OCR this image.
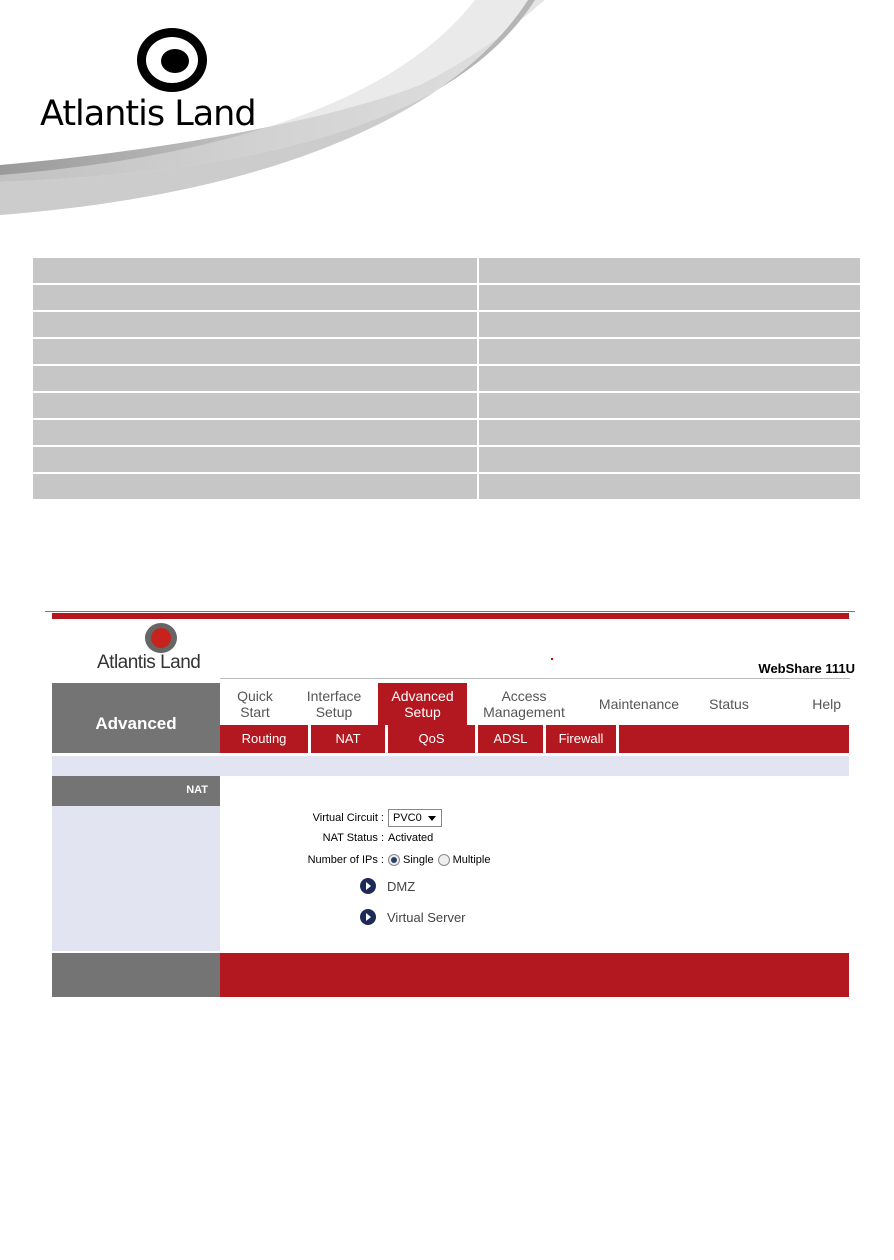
Atlantis Land

Atlantis Land	WebShare 111U
Advanced
Quick
Start
Interface
Setup
Advanced
Setup
Access
Management Maintenance Status	Help
Routing	NAT	QoS	ADSL	Firewall
NAT
Virtual Circuit : PVC0
NAT Status : Activated
Number of IPs : Single Multiple
DMZ
Virtual Server
